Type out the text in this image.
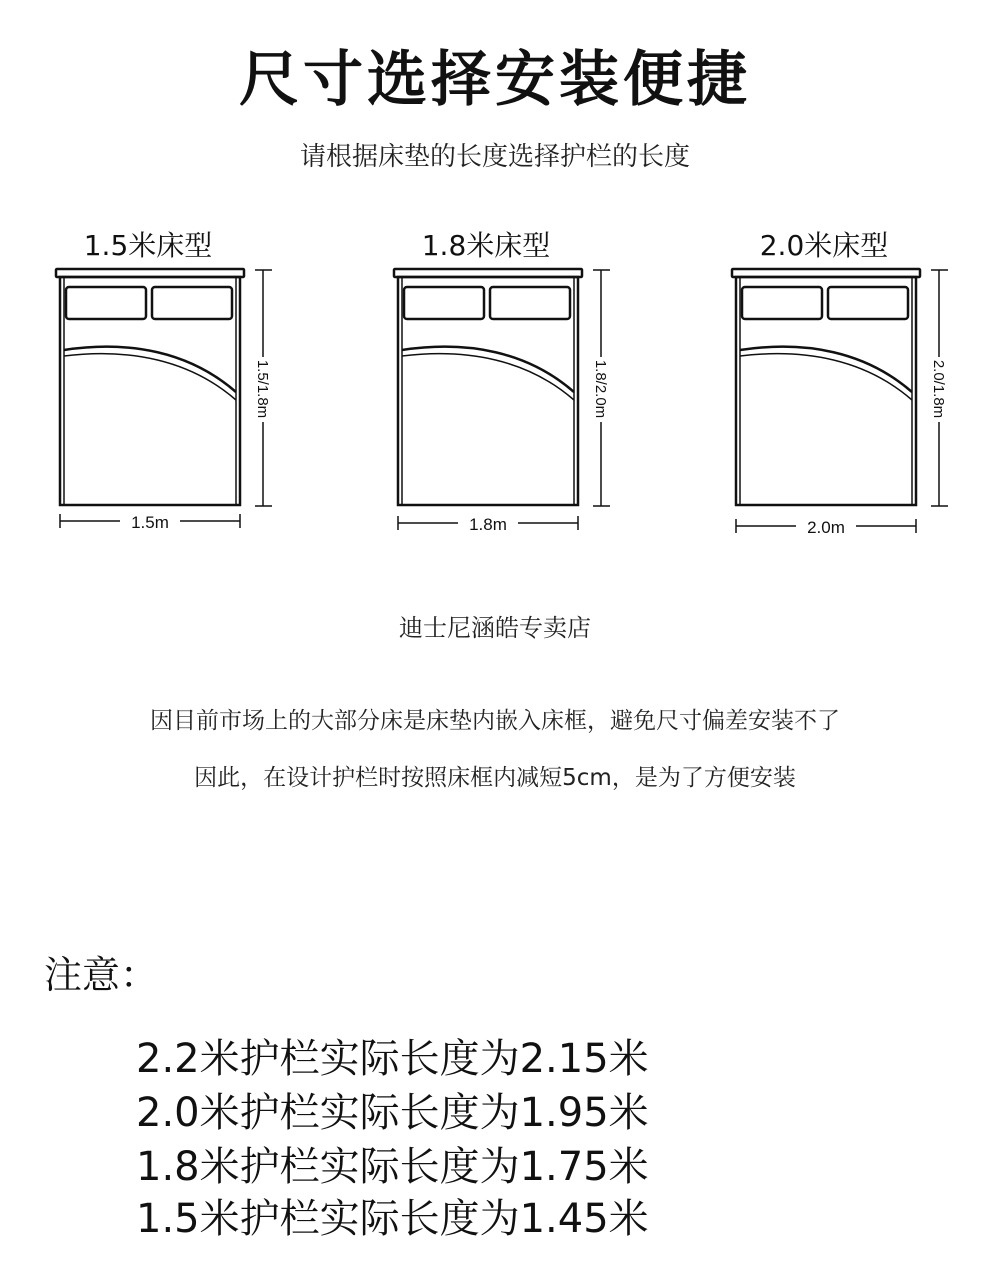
尺寸选择安装便捷
请根据床垫的长度选择护栏的长度
1.5米床型
1.5m
1.5/1.8m
1.8米床型
1.8m
1.8/2.0m
2.0米床型
2.0m
2.0/1.8m
迪士尼涵皓专卖店
因目前市场上的大部分床是床垫内嵌入床框，避免尺寸偏差安装不了
因此，在设计护栏时按照床框内减短5cm，是为了方便安装
注意：
2.2米护栏实际长度为2.15米
2.0米护栏实际长度为1.95米
1.8米护栏实际长度为1.75米
1.5米护栏实际长度为1.45米
